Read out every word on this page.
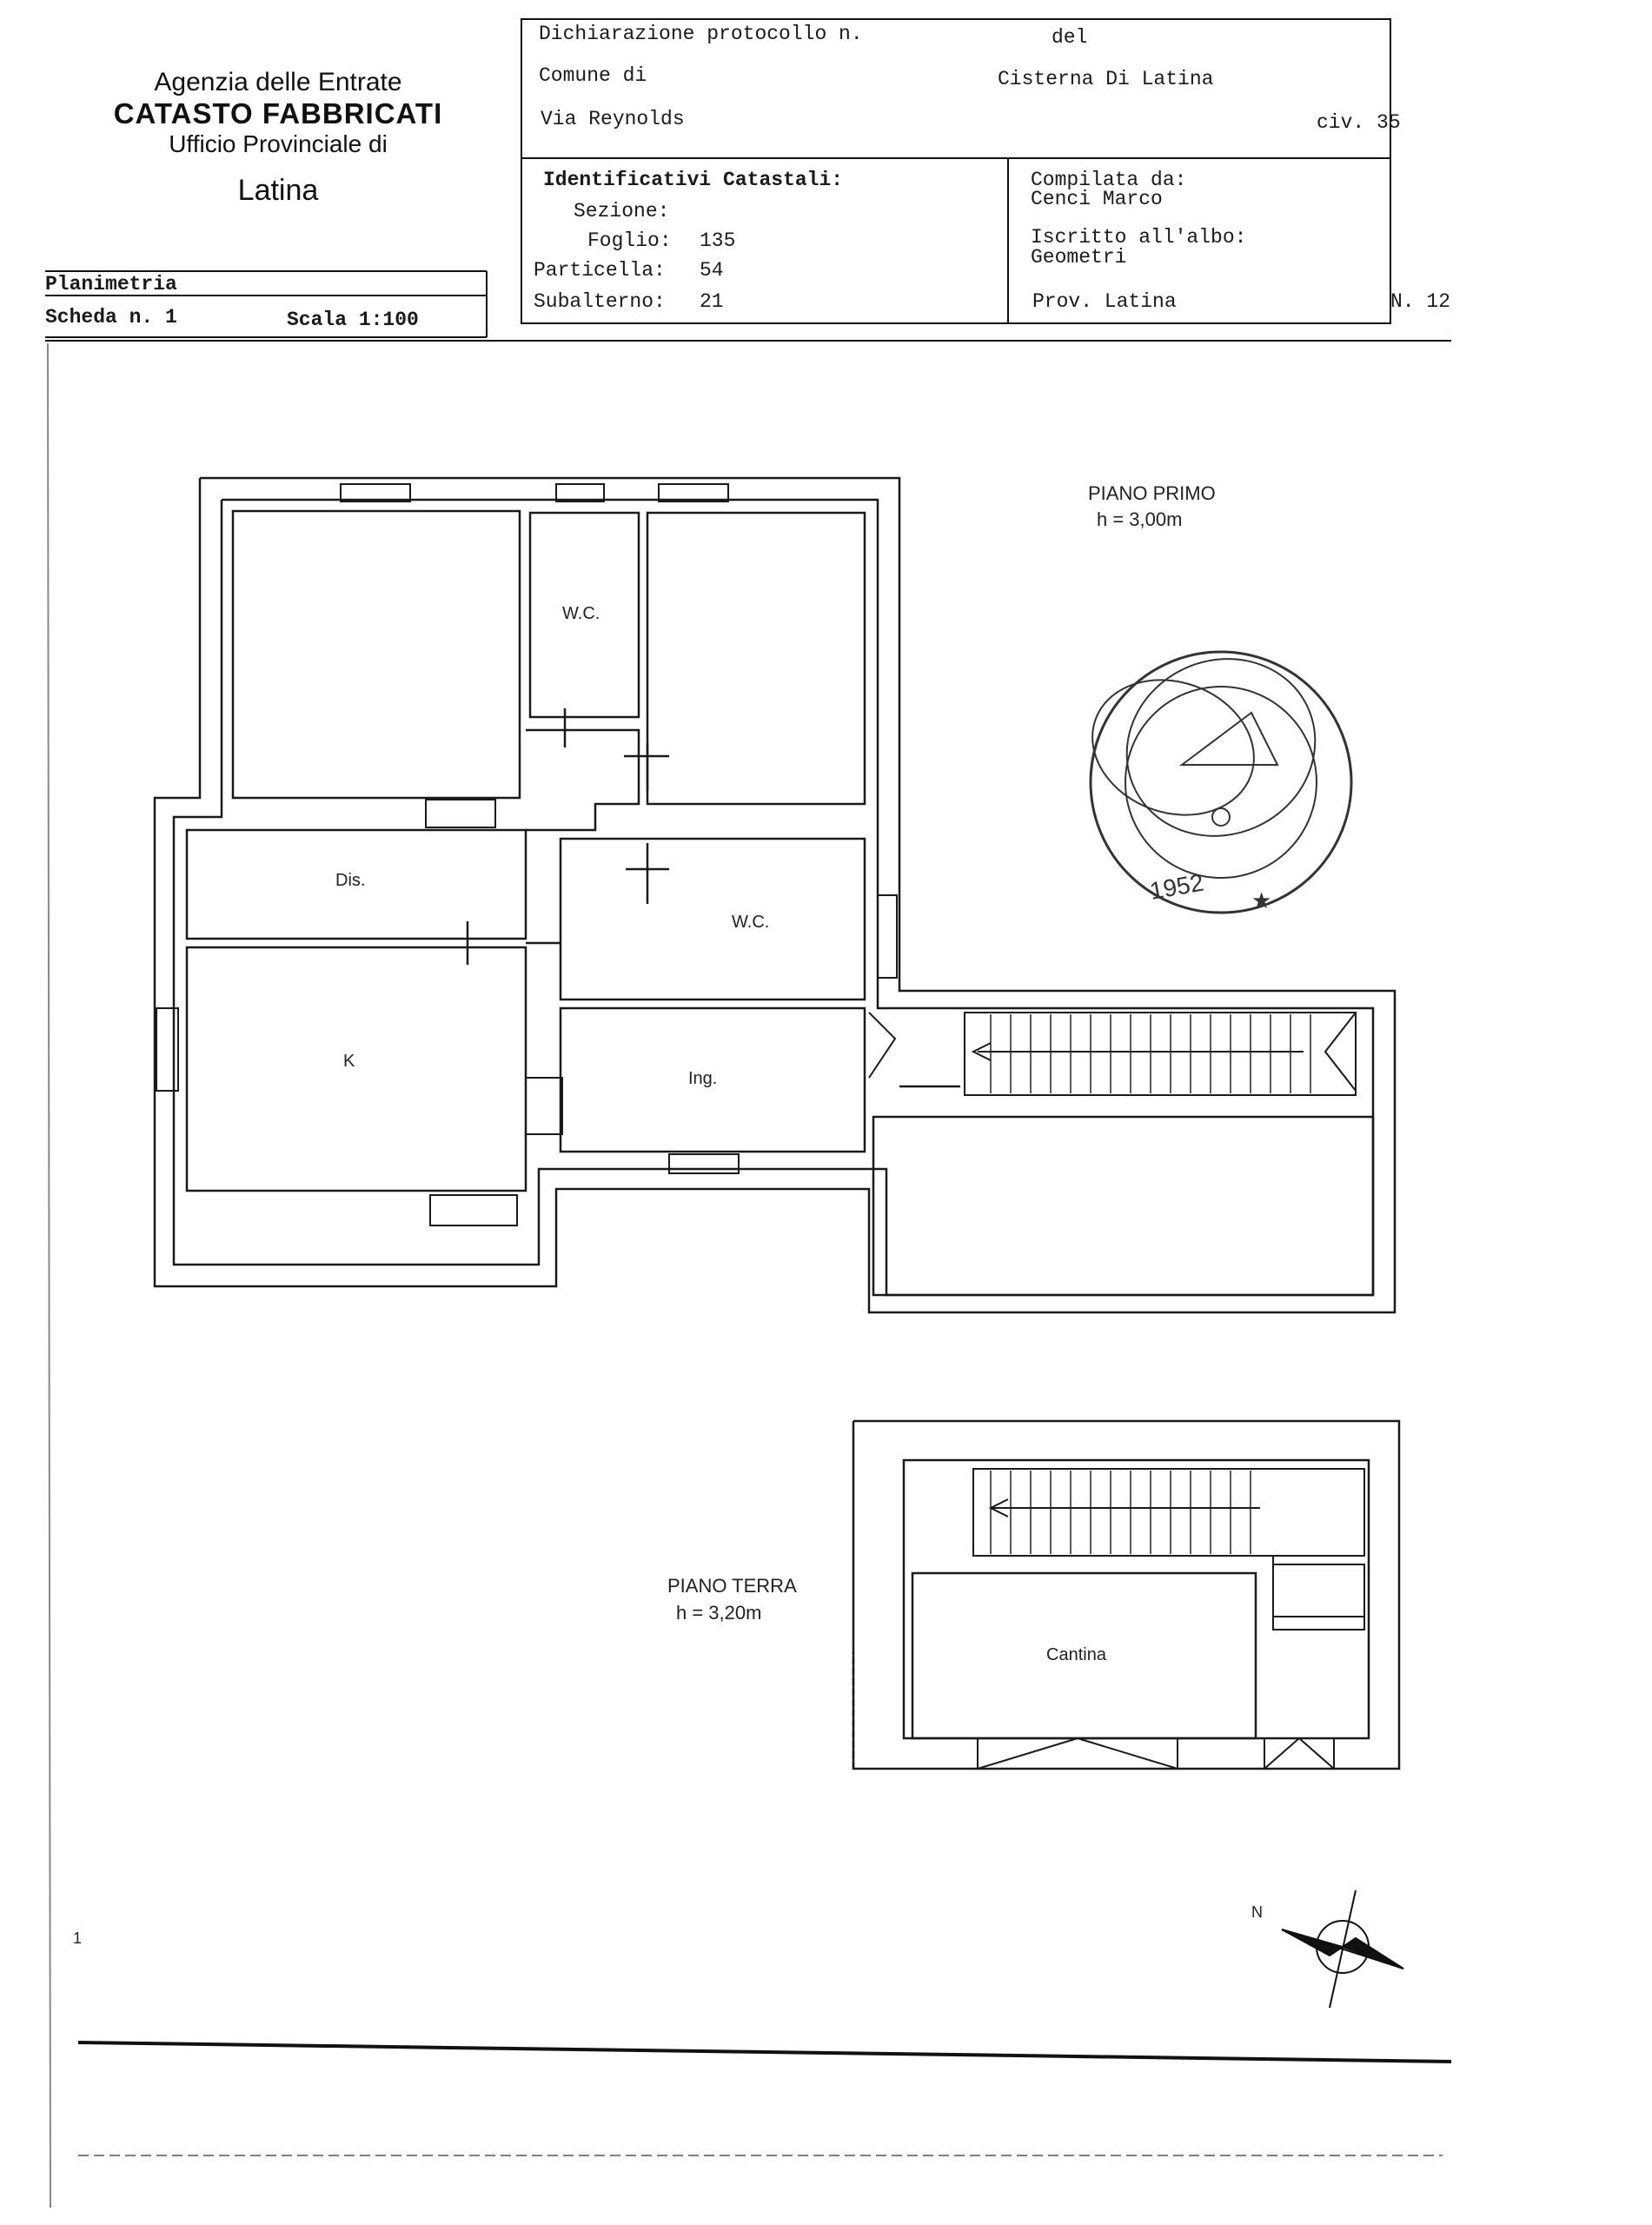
Agenzia delle Entrate
CATASTO FABBRICATI
Ufficio Provinciale di
Latina
Planimetria
Scheda n. 1	Scala 1:100
Dichiarazione protocollo n.	del
Comune di	Cisterna Di Latina
Via Reynolds	civ. 35
Identificativi Catastali:
Sezione:
Foglio: 135
Particella: 54
Subalterno: 21
Compilata da:
Cenci Marco
Iscritto all'albo:
Geometri
Prov. Latina	N. 12
1952 ★
PIANO PRIMO
h = 3,00m
W.C.
Dis.
W.C.
K
Ing.
PIANO TERRA
h = 3,20m
Cantina
N
1
